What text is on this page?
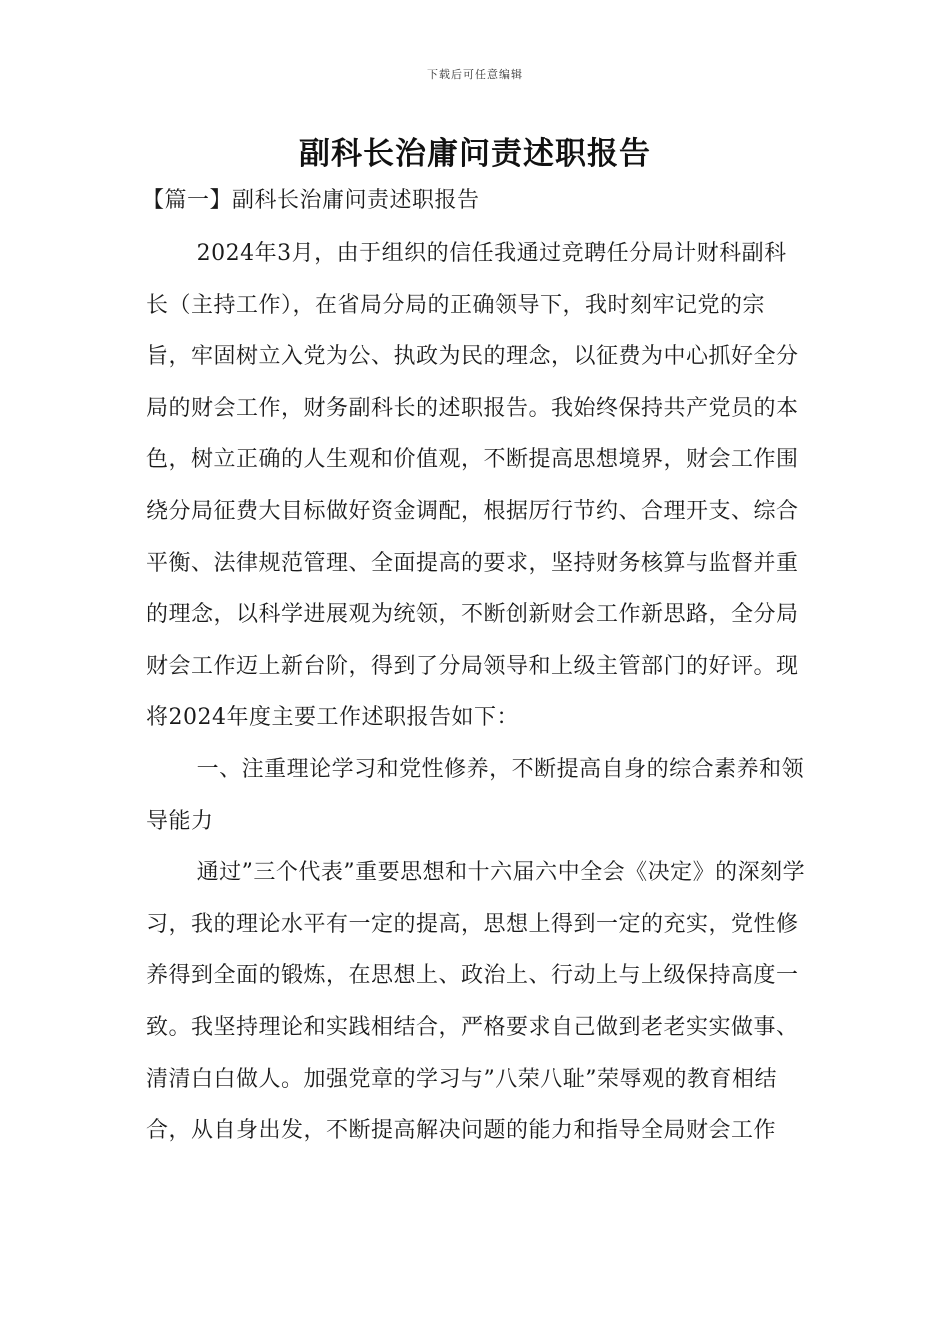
下载后可任意编辑
副科长治庸问责述职报告
【篇一】副科长治庸问责述职报告

2024年3月，由于组织的信任我通过竞聘任分局计财科副科长（主持工作），在省局分局的正确领导下，我时刻牢记党的宗旨，牢固树立入党为公、执政为民的理念，以征费为中心抓好全分局的财会工作，财务副科长的述职报告。我始终保持共产党员的本色，树立正确的人生观和价值观，不断提高思想境界，财会工作围绕分局征费大目标做好资金调配，根据厉行节约、合理开支、综合平衡、法律规范管理、全面提高的要求，坚持财务核算与监督并重的理念，以科学进展观为统领，不断创新财会工作新思路，全分局财会工作迈上新台阶，得到了分局领导和上级主管部门的好评。现将2024年度主要工作述职报告如下：

一、注重理论学习和党性修养，不断提高自身的综合素养和领导能力

通过”三个代表”重要思想和十六届六中全会《决定》的深刻学习，我的理论水平有一定的提高，思想上得到一定的充实，党性修养得到全面的锻炼，在思想上、政治上、行动上与上级保持高度一致。我坚持理论和实践相结合，严格要求自己做到老老实实做事、清清白白做人。加强党章的学习与”八荣八耻”荣辱观的教育相结合，从自身出发，不断提高解决问题的能力和指导全局财会工作
